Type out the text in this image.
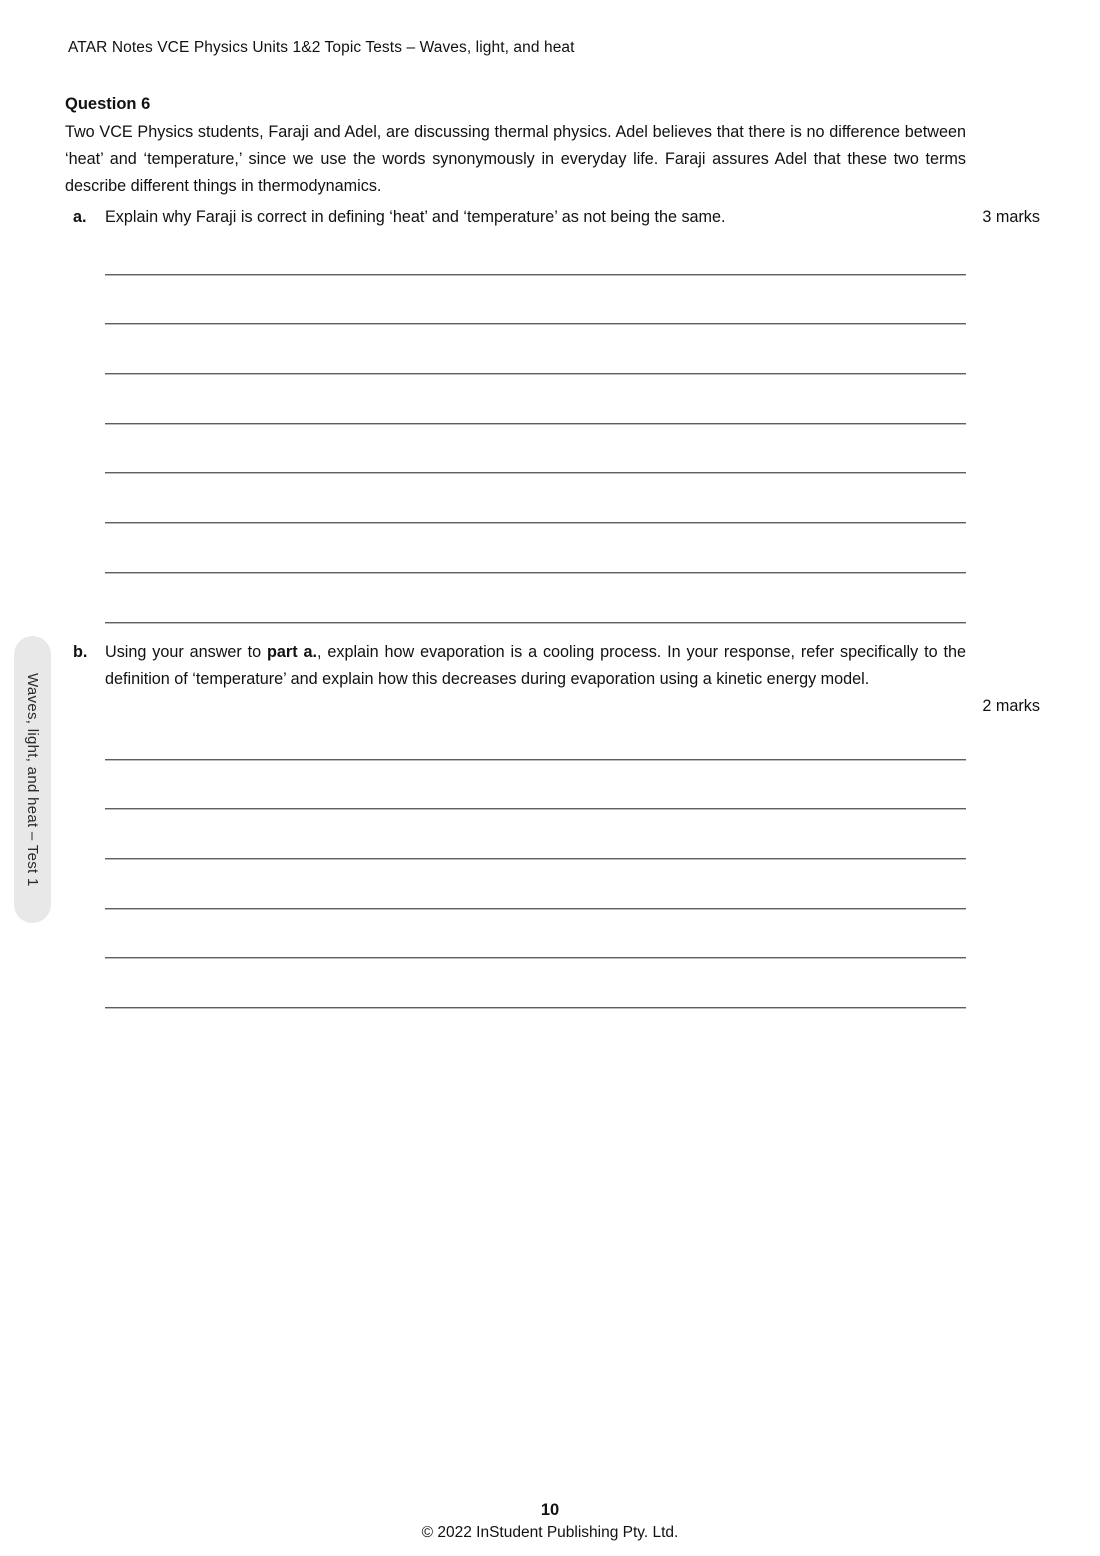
ATAR Notes VCE Physics Units 1&2 Topic Tests – Waves, light, and heat
Question 6
Two VCE Physics students, Faraji and Adel, are discussing thermal physics. Adel believes that there is no difference between ‘heat’ and ‘temperature,’ since we use the words synonymously in everyday life. Faraji assures Adel that these two terms describe different things in thermodynamics.
a. Explain why Faraji is correct in defining ‘heat’ and ‘temperature’ as not being the same.	3 marks
b. Using your answer to part a., explain how evaporation is a cooling process. In your response, refer specifically to the definition of ‘temperature’ and explain how this decreases during evaporation using a kinetic energy model.
2 marks
Waves, light, and heat – Test 1
10
© 2022 InStudent Publishing Pty. Ltd.
